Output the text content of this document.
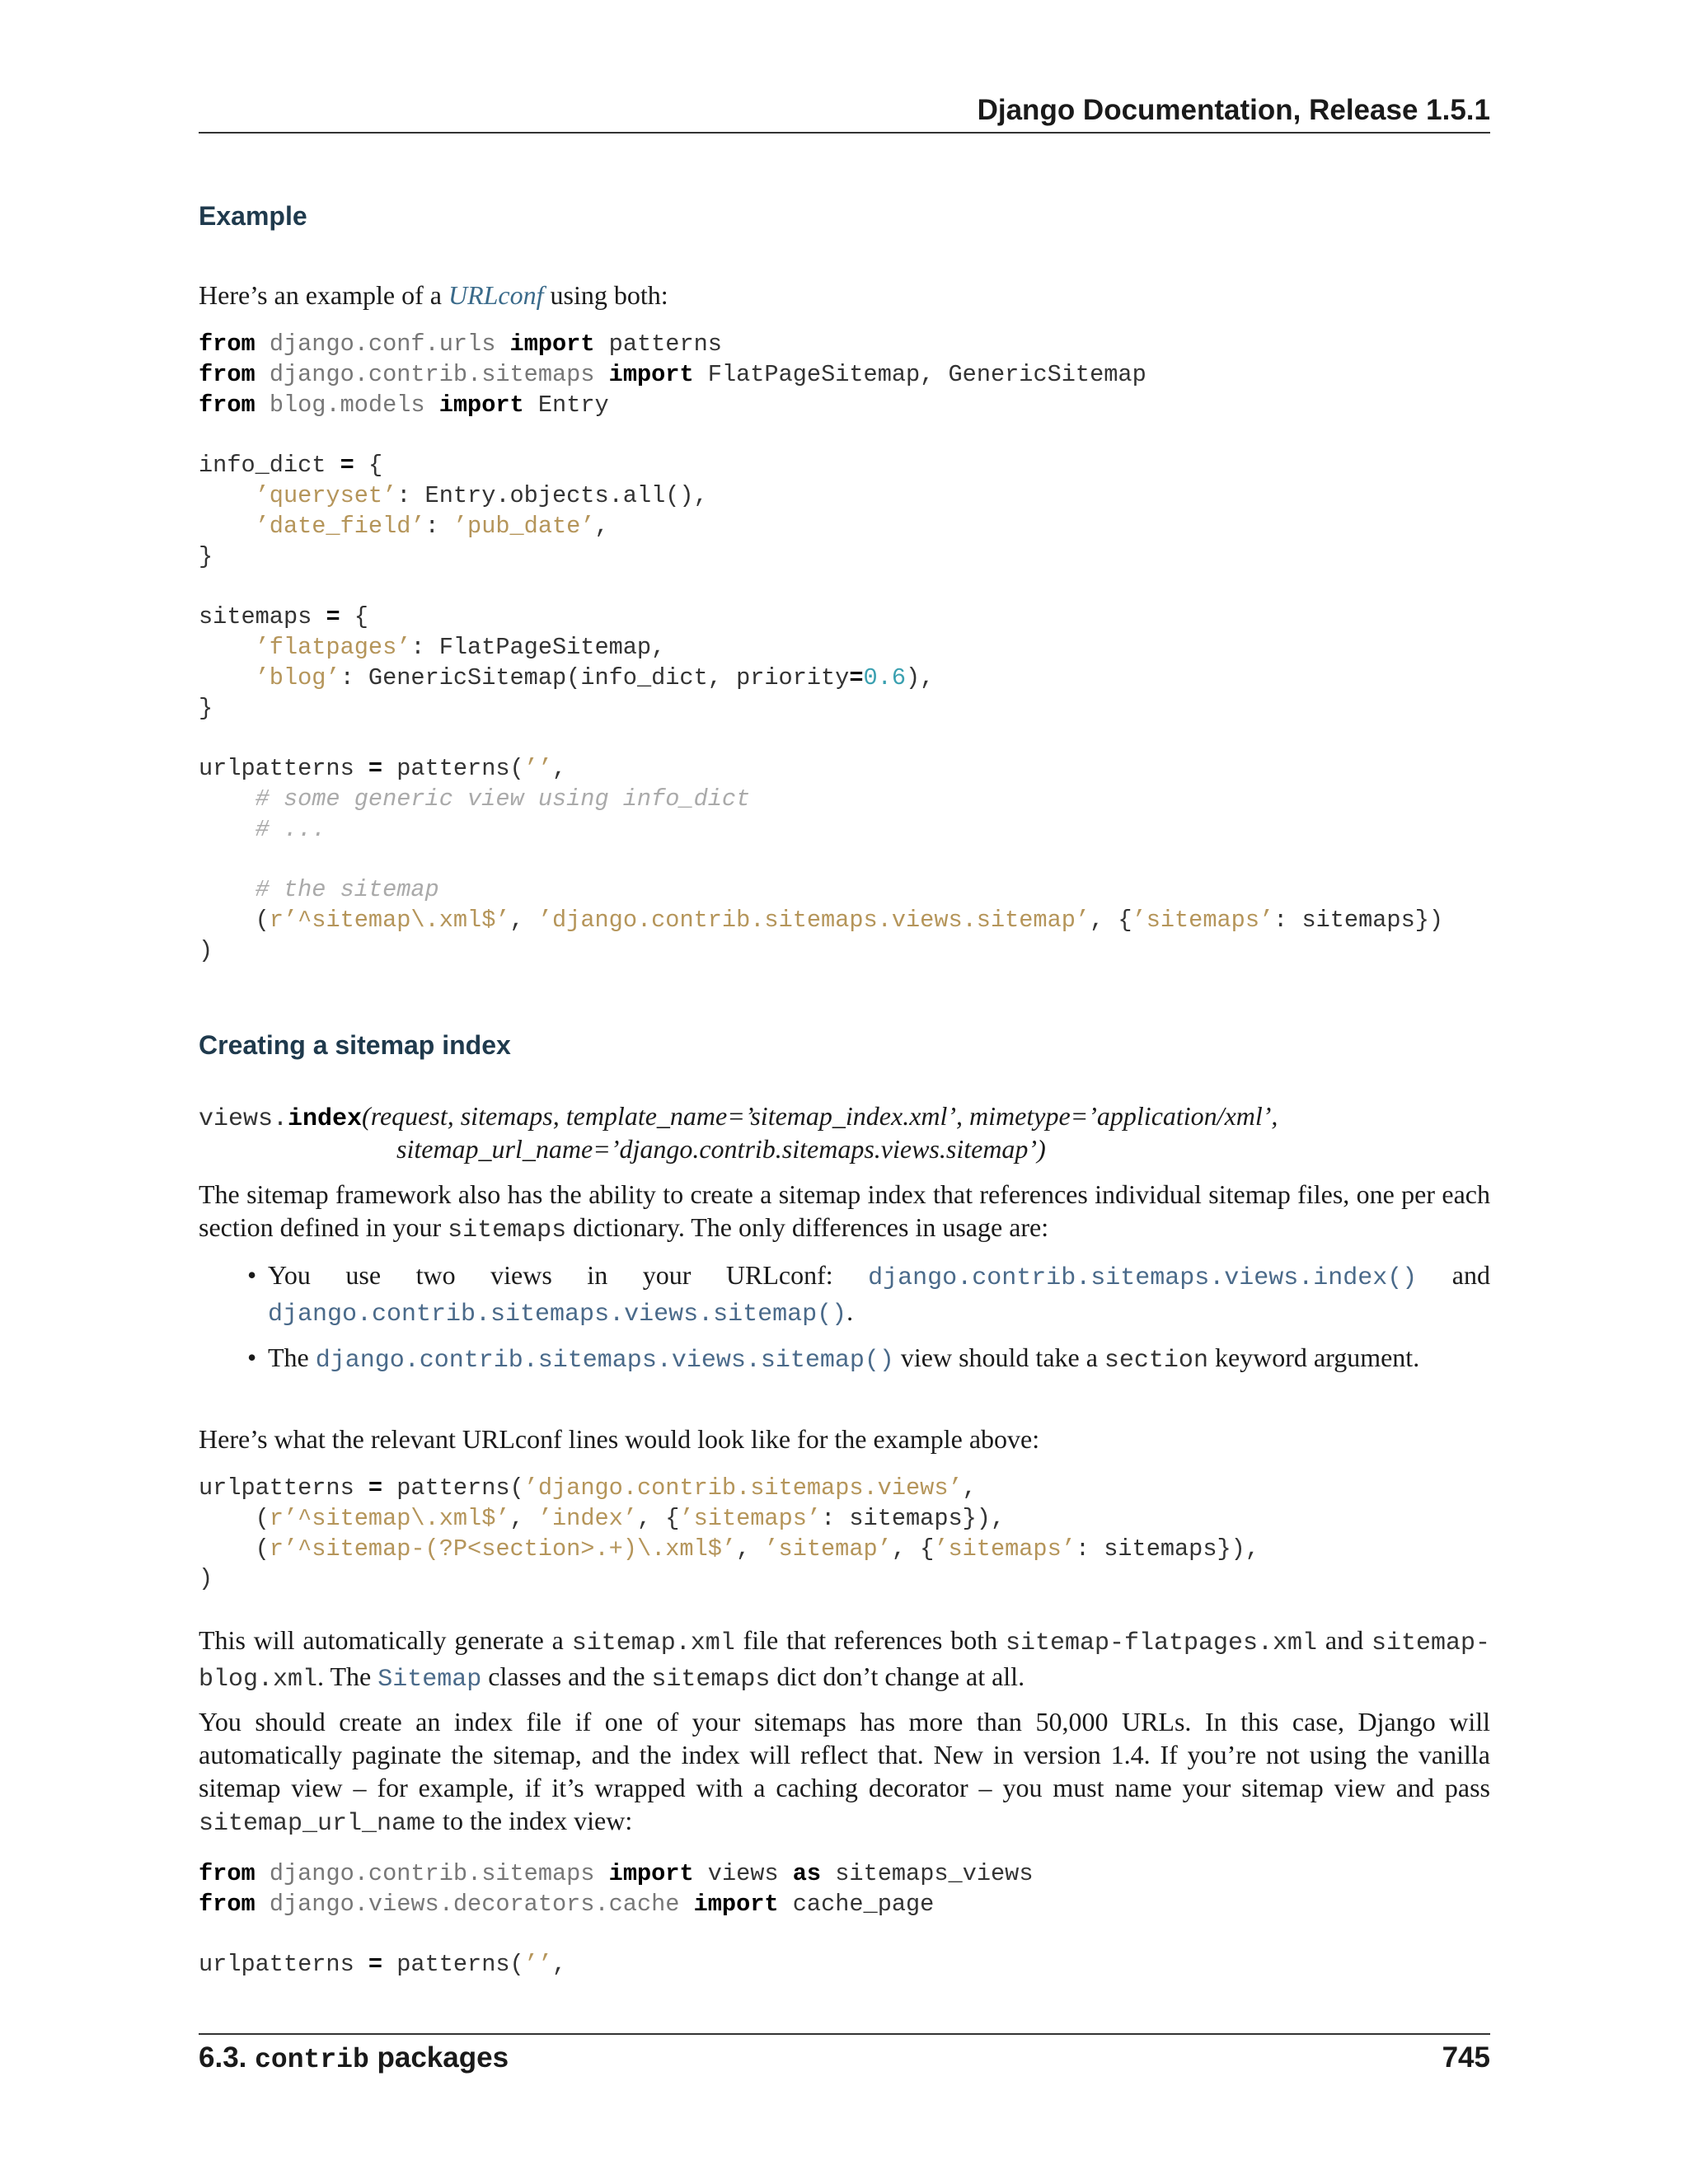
Django Documentation, Release 1.5.1
Example
Here’s an example of a URLconf using both:
from django.conf.urls import patterns
from django.contrib.sitemaps import FlatPageSitemap, GenericSitemap
from blog.models import Entry

info_dict = {
’queryset’: Entry.objects.all(),
’date_field’: ’pub_date’,
}

sitemaps = {
’flatpages’: FlatPageSitemap,
’blog’: GenericSitemap(info_dict, priority=0.6),
}

urlpatterns = patterns(’’,
# some generic view using info_dict
# ...

# the sitemap
(r’^sitemap\.xml$’, ’django.contrib.sitemaps.views.sitemap’, {’sitemaps’: sitemaps})
)
Creating a sitemap index
views.index(request, sitemaps, template_name=’sitemap_index.xml’, mimetype=’application/xml’,
sitemap_url_name=’django.contrib.sitemaps.views.sitemap’)
The sitemap framework also has the ability to create a sitemap index that references individual sitemap files, one per each section defined in your sitemaps dictionary. The only differences in usage are:
• You use two views in your URLconf: django.contrib.sitemaps.views.index() and django.contrib.sitemaps.views.sitemap().
• The django.contrib.sitemaps.views.sitemap() view should take a section keyword argument.
Here’s what the relevant URLconf lines would look like for the example above:
urlpatterns = patterns(’django.contrib.sitemaps.views’,
(r’^sitemap\.xml$’, ’index’, {’sitemaps’: sitemaps}),
(r’^sitemap-(?P<section>.+)\.xml$’, ’sitemap’, {’sitemaps’: sitemaps}),
)
This will automatically generate a sitemap.xml file that references both sitemap-flatpages.xml and sitemap-blog.xml. The Sitemap classes and the sitemaps dict don’t change at all.
You should create an index file if one of your sitemaps has more than 50,000 URLs. In this case, Django will automatically paginate the sitemap, and the index will reflect that. New in version 1.4. If you’re not using the vanilla sitemap view – for example, if it’s wrapped with a caching decorator – you must name your sitemap view and pass sitemap_url_name to the index view:
from django.contrib.sitemaps import views as sitemaps_views
from django.views.decorators.cache import cache_page

urlpatterns = patterns(’’,
6.3. contrib packages	745
